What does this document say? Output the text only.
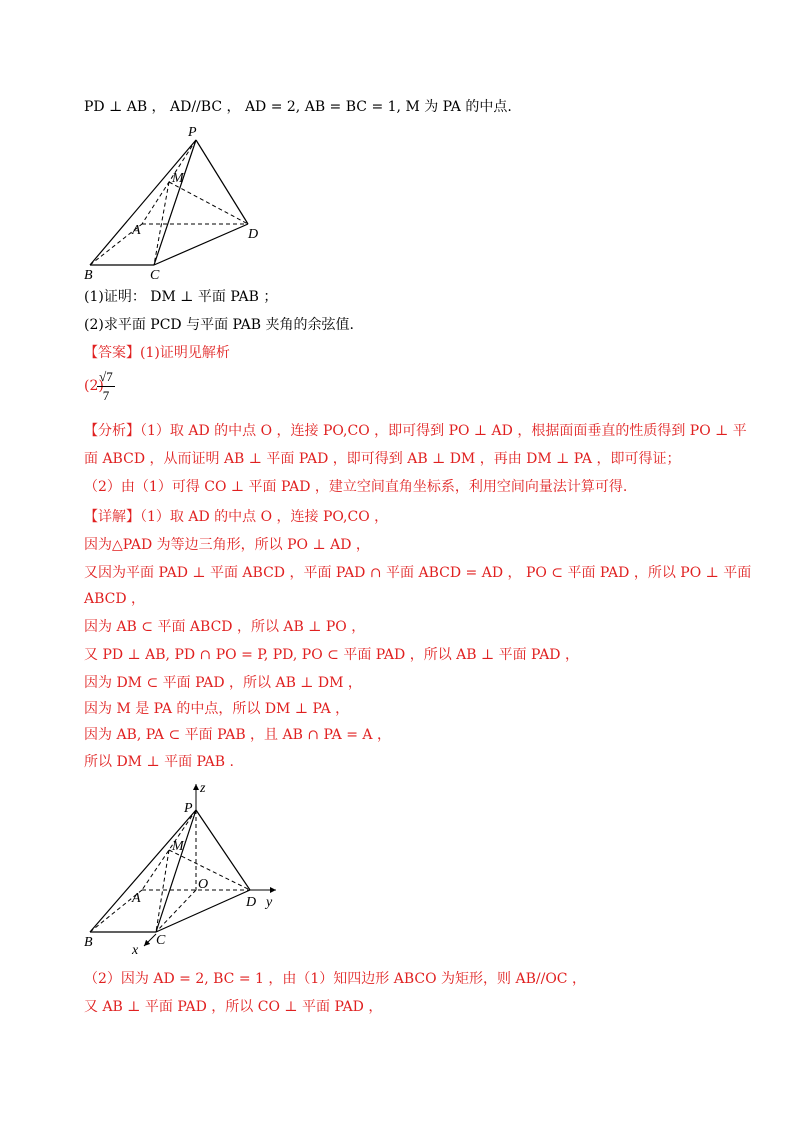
PD ⊥ AB ， AD//BC ， AD = 2, AB = BC = 1, M 为 PA 的中点.
P
M
A	D
B	C
(1)证明： DM ⊥ 平面 PAB ；
(2)求平面 PCD 与平面 PAB 夹角的余弦值.
【答案】(1)证明见解析
(2)
$\frac{√7}{7}$
【分析】（1）取 AD 的中点 O ，连接 PO,CO ，即可得到 PO ⊥ AD ，根据面面垂直的性质得到 PO ⊥ 平
面 ABCD ，从而证明 AB ⊥ 平面 PAD ，即可得到 AB ⊥ DM ，再由 DM ⊥ PA ，即可得证；
（2）由（1）可得 CO ⊥ 平面 PAD ，建立空间直角坐标系，利用空间向量法计算可得.
【详解】（1）取 AD 的中点 O ，连接 PO,CO ，
因为△PAD 为等边三角形，所以 PO ⊥ AD ，
又因为平面 PAD ⊥ 平面 ABCD ，平面 PAD ∩ 平面 ABCD = AD ， PO ⊂ 平面 PAD ，所以 PO ⊥ 平面
ABCD ，
因为 AB ⊂ 平面 ABCD ，所以 AB ⊥ PO ，
又 PD ⊥ AB, PD ∩ PO = P, PD, PO ⊂ 平面 PAD ，所以 AB ⊥ 平面 PAD ，
因为 DM ⊂ 平面 PAD ，所以 AB ⊥ DM ，
因为 M 是 PA 的中点，所以 DM ⊥ PA ，
因为 AB, PA ⊂ 平面 PAB ，且 AB ∩ PA = A ，
所以 DM ⊥ 平面 PAB .
z
P
M
O
A	D y
B	C
x
（2）因为 AD = 2, BC = 1 ，由（1）知四边形 ABCO 为矩形，则 AB//OC ，
又 AB ⊥ 平面 PAD ，所以 CO ⊥ 平面 PAD ，
